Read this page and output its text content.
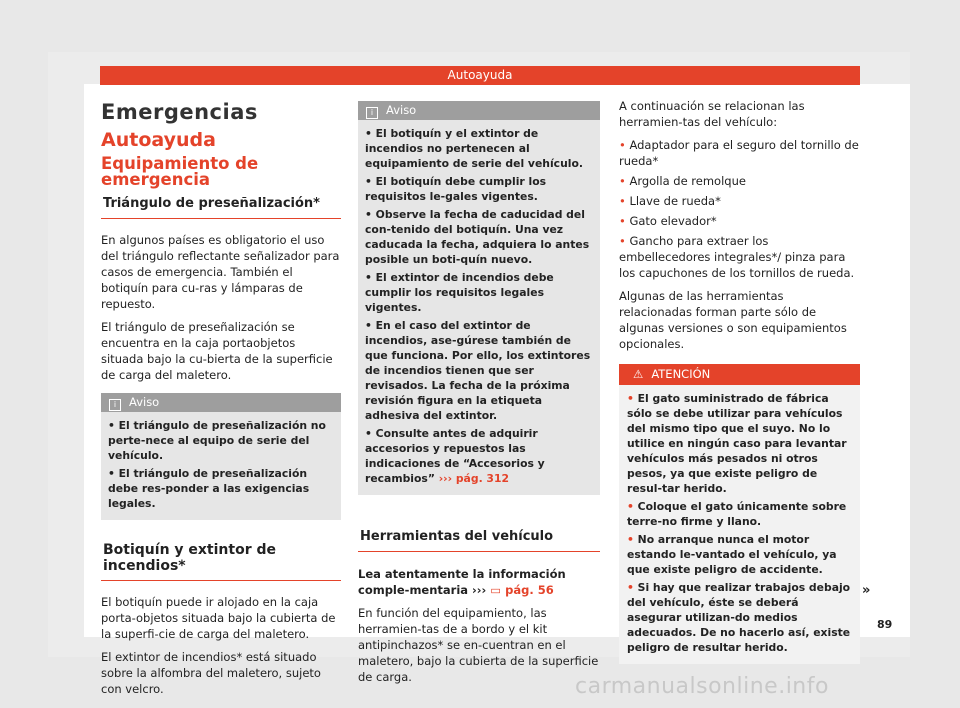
Autoayuda
Emergencias
Autoayuda
Equipamiento de emergencia
Triángulo de preseñalización*

En algunos países es obligatorio el uso del triángulo reflectante señalizador para casos de emergencia. También el botiquín para cu-ras y lámparas de repuesto.

El triángulo de preseñalización se encuentra en la caja portaobjetos situada bajo la cu-bierta de la superficie de carga del maletero.

i Aviso
• El triángulo de preseñalización no perte-nece al equipo de serie del vehículo.
• El triángulo de preseñalización debe res-ponder a las exigencias legales.
Botiquín y extintor de incendios*

El botiquín puede ir alojado en la caja porta-objetos situada bajo la cubierta de la superfi-cie de carga del maletero.

El extintor de incendios* está situado sobre la alfombra del maletero, sujeto con velcro.

i Aviso
• El botiquín y el extintor de incendios no pertenecen al equipamiento de serie del vehículo.
• El botiquín debe cumplir los requisitos le-gales vigentes.
• Observe la fecha de caducidad del con-tenido del botiquín. Una vez caducada la fecha, adquiera lo antes posible un boti-quín nuevo.
• El extintor de incendios debe cumplir los requisitos legales vigentes.
• En el caso del extintor de incendios, ase-gúrese también de que funciona. Por ello, los extintores de incendios tienen que ser revisados. La fecha de la próxima revisión figura en la etiqueta adhesiva del extintor.
• Consulte antes de adquirir accesorios y repuestos las indicaciones de “Accesorios y recambios” ››› pág. 312
Herramientas del vehículo

Lea atentamente la información comple-mentaria ››› ▭ pág. 56

En función del equipamiento, las herramien-tas de a bordo y el kit antipinchazos* se en-cuentran en el maletero, bajo la cubierta de la superficie de carga.

A continuación se relacionan las herramien-tas del vehículo:

• Adaptador para el seguro del tornillo de rueda*
• Argolla de remolque
• Llave de rueda*
• Gato elevador*
• Gancho para extraer los embellecedores integrales*/ pinza para los capuchones de los tornillos de rueda.

Algunas de las herramientas relacionadas forman parte sólo de algunas versiones o son equipamientos opcionales.

⚠ ATENCIÓN
• El gato suministrado de fábrica sólo se debe utilizar para vehículos del mismo tipo que el suyo. No lo utilice en ningún caso para levantar vehículos más pesados ni otros pesos, ya que existe peligro de resul-tar herido.
• Coloque el gato únicamente sobre terre-no firme y llano.
• No arranque nunca el motor estando le-vantado el vehículo, ya que existe peligro de accidente.
• Si hay que realizar trabajos debajo del vehículo, éste se deberá asegurar utilizan-do medios adecuados. De no hacerlo así, existe peligro de resultar herido.
»
89
carmanualsonline.info
